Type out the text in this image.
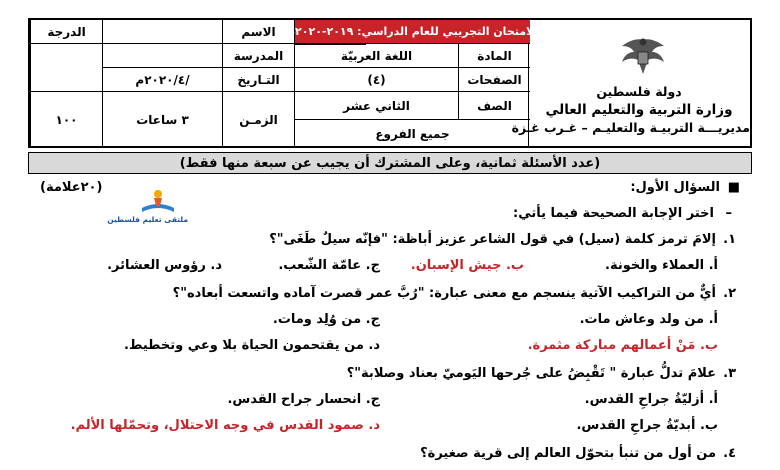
دولة فلسطين
وزارة التربية والتعليم العالي
مديريـــة التربيـة والتعليـم – غـرب غـزة
الامتحان التجريبي للعام الدراسي: ٢٠١٩-٢٠٢٠م
المادة
اللغة العربيّة
الصفحات
(٤)
الصف
الثاني عشر
جميع الفروع
الاسم
المدرسة
التـاريخ
الزمـن
/٢٠٢٠/٤م
٣ ساعات
الدرجة
١٠٠
(عدد الأسئلة ثمانية، وعلى المشترك أن يجيب عن سبعة منها فقط)
■
السؤال الأول:
(٢٠علامة)
ملتقى تعليم فلسطين	–
اختر الإجابة الصحيحة فيما يأتي:
١.
إلامَ ترمز كلمة (سيل) في قول الشاعر عزيز أباظة: "فإنّه سيلٌ طَغَى"؟
أ. العملاء والخونة.
ب. جيش الإسبان.
ج. عامّة الشّعب.
د. رؤوس العشائر.
٢.
أيٌّ من التراكيب الآتية ينسجم مع معنى عبارة: "رُبَّ عمر قصرت آماده واتسعت أبعاده"؟
أ. من ولد وعاش مات.
ج. من وُلِد ومات.
ب. مَنْ أعمالهم مباركة مثمرة.
د. من يقتحمون الحياة بلا وعي وتخطيط.
٣.
علامَ تدلُّ عبارة " تَقْبِضُ على جُرحها اليَوميّ بعناد وصلابة"؟
أ. أزليّةُ جراحِ القدس.
ج. انحسار جراح القدس.
ب. أبديّةُ جراحِ القدس.
د. صمود القدس في وجه الاحتلال، وتحمّلها الألم.
٤.
من أول من تنبأ بتحوّل العالم إلى قرية صغيرة؟
